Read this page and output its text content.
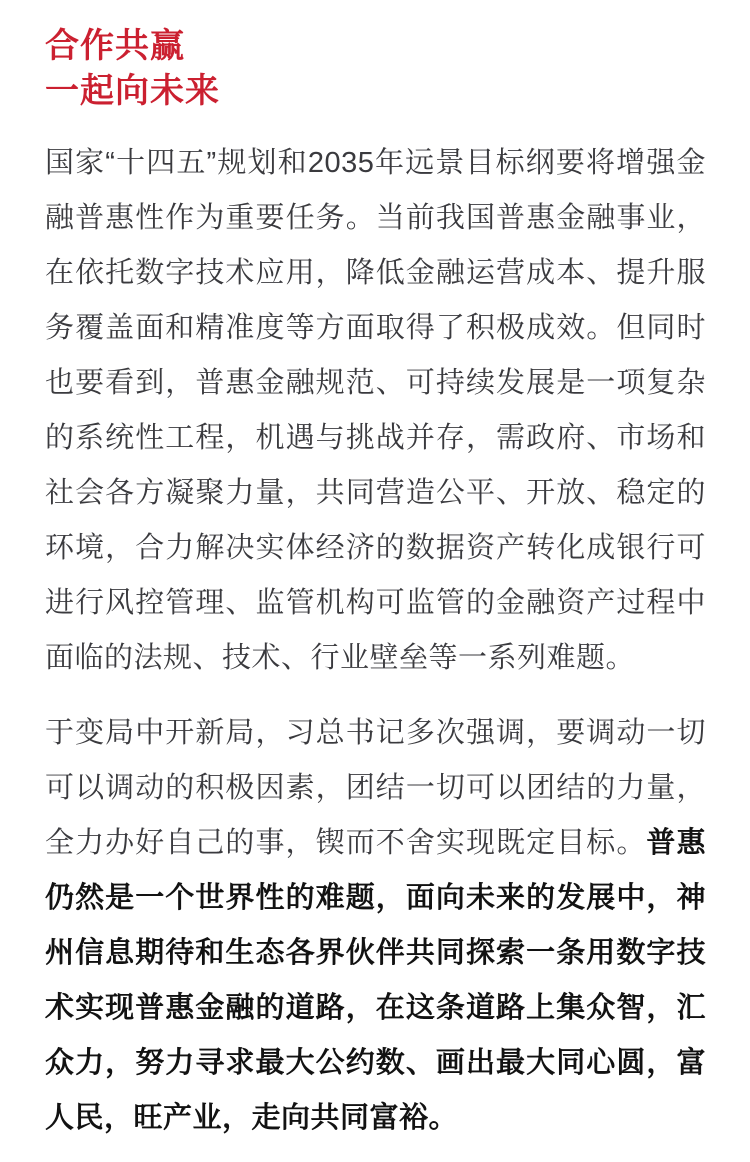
合作共赢
一起向未来

国家“十四五”规划和2035年远景目标纲要将增强金融普惠性作为重要任务。当前我国普惠金融事业，在依托数字技术应用，降低金融运营成本、提升服务覆盖面和精准度等方面取得了积极成效。但同时也要看到，普惠金融规范、可持续发展是一项复杂的系统性工程，机遇与挑战并存，需政府、市场和社会各方凝聚力量，共同营造公平、开放、稳定的环境，合力解决实体经济的数据资产转化成银行可进行风控管理、监管机构可监管的金融资产过程中面临的法规、技术、行业壁垒等一系列难题。

于变局中开新局，习总书记多次强调，要调动一切可以调动的积极因素，团结一切可以团结的力量，全力办好自己的事，锲而不舍实现既定目标。普惠仍然是一个世界性的难题，面向未来的发展中，神州信息期待和生态各界伙伴共同探索一条用数字技术实现普惠金融的道路，在这条道路上集众智，汇众力，努力寻求最大公约数、画出最大同心圆，富人民，旺产业，走向共同富裕。
